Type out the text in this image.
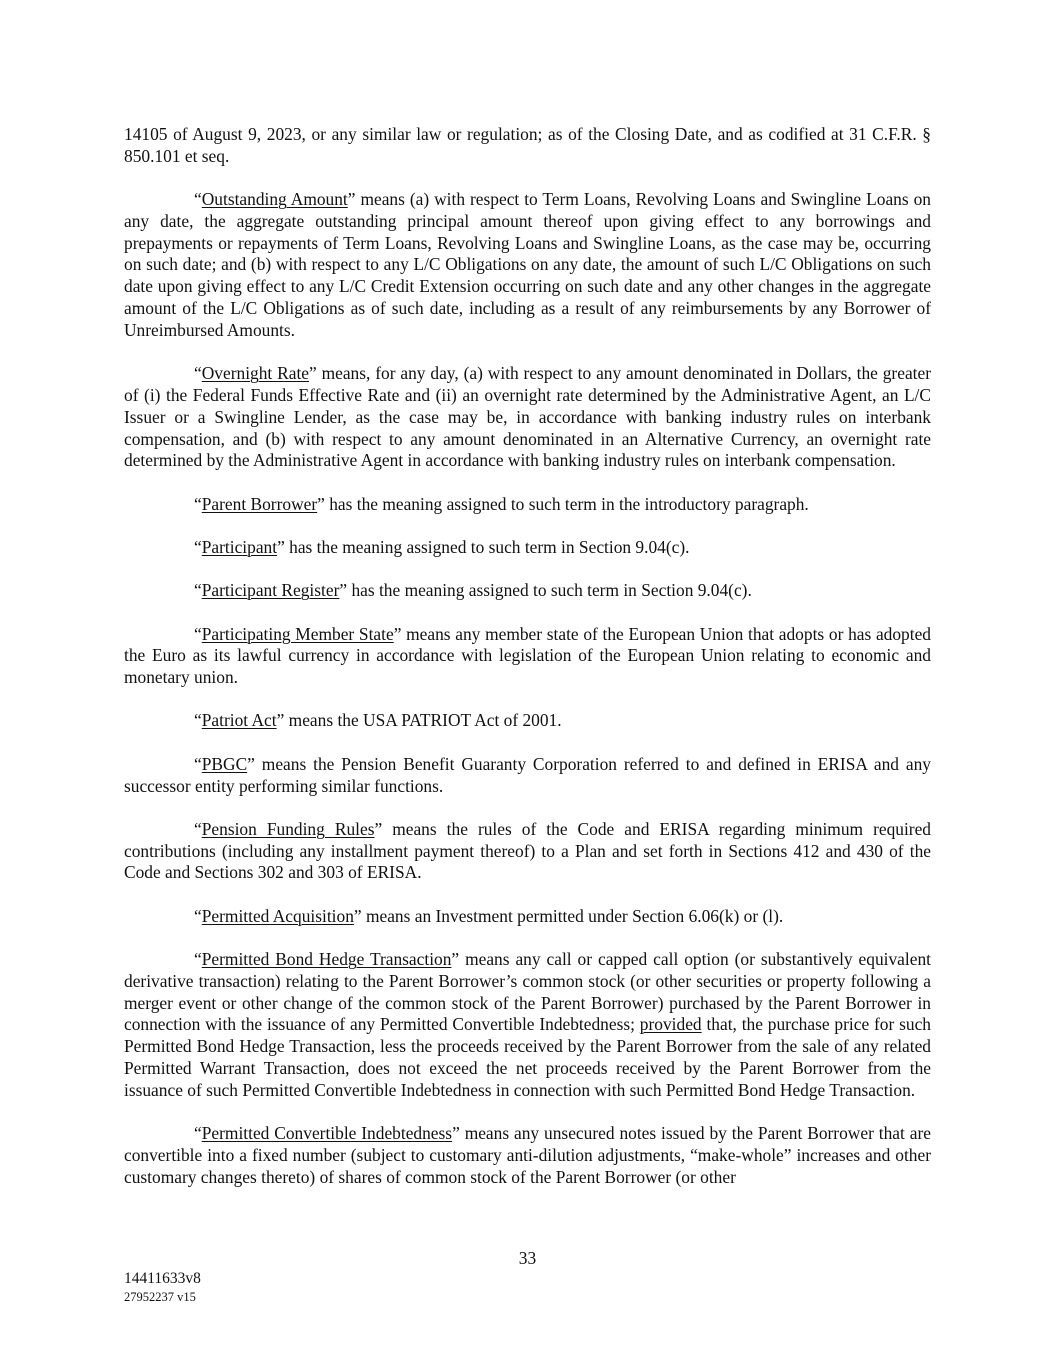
14105 of August 9, 2023, or any similar law or regulation; as of the Closing Date, and as codified at 31 C.F.R. § 850.101 et seq.

“Outstanding Amount” means (a) with respect to Term Loans, Revolving Loans and Swingline Loans on any date, the aggregate outstanding principal amount thereof upon giving effect to any borrowings and prepayments or repayments of Term Loans, Revolving Loans and Swingline Loans, as the case may be, occurring on such date; and (b) with respect to any L/C Obligations on any date, the amount of such L/C Obligations on such date upon giving effect to any L/C Credit Extension occurring on such date and any other changes in the aggregate amount of the L/C Obligations as of such date, including as a result of any reimbursements by any Borrower of Unreimbursed Amounts.

“Overnight Rate” means, for any day, (a) with respect to any amount denominated in Dollars, the greater of (i) the Federal Funds Effective Rate and (ii) an overnight rate determined by the Administrative Agent, an L/C Issuer or a Swingline Lender, as the case may be, in accordance with banking industry rules on interbank compensation, and (b) with respect to any amount denominated in an Alternative Currency, an overnight rate determined by the Administrative Agent in accordance with banking industry rules on interbank compensation.

“Parent Borrower” has the meaning assigned to such term in the introductory paragraph.

“Participant” has the meaning assigned to such term in Section 9.04(c).

“Participant Register” has the meaning assigned to such term in Section 9.04(c).

“Participating Member State” means any member state of the European Union that adopts or has adopted the Euro as its lawful currency in accordance with legislation of the European Union relating to economic and monetary union.

“Patriot Act” means the USA PATRIOT Act of 2001.

“PBGC” means the Pension Benefit Guaranty Corporation referred to and defined in ERISA and any successor entity performing similar functions.

“Pension Funding Rules” means the rules of the Code and ERISA regarding minimum required contributions (including any installment payment thereof) to a Plan and set forth in Sections 412 and 430 of the Code and Sections 302 and 303 of ERISA.

“Permitted Acquisition” means an Investment permitted under Section 6.06(k) or (l).

“Permitted Bond Hedge Transaction” means any call or capped call option (or substantively equivalent derivative transaction) relating to the Parent Borrower’s common stock (or other securities or property following a merger event or other change of the common stock of the Parent Borrower) purchased by the Parent Borrower in connection with the issuance of any Permitted Convertible Indebtedness; provided that, the purchase price for such Permitted Bond Hedge Transaction, less the proceeds received by the Parent Borrower from the sale of any related Permitted Warrant Transaction, does not exceed the net proceeds received by the Parent Borrower from the issuance of such Permitted Convertible Indebtedness in connection with such Permitted Bond Hedge Transaction.

“Permitted Convertible Indebtedness” means any unsecured notes issued by the Parent Borrower that are convertible into a fixed number (subject to customary anti-dilution adjustments, “make-whole” increases and other customary changes thereto) of shares of common stock of the Parent Borrower (or other

33
14411633v8
27952237 v15
